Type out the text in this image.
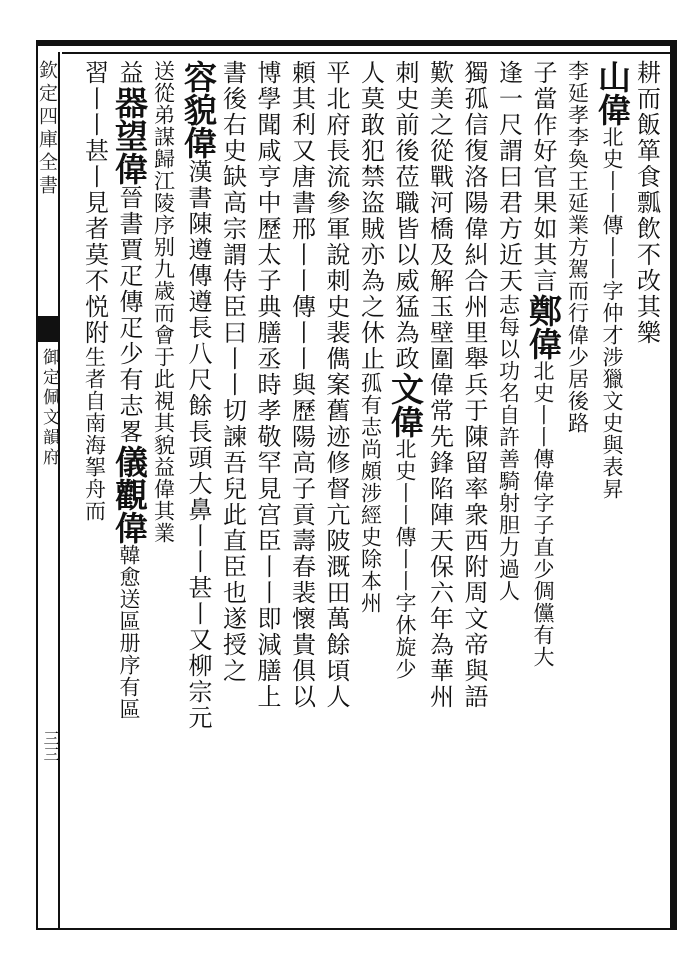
欽定四庫全書
御定佩文韻府
三三
耕而飯箪食瓢飲不改其樂
山偉北史丨丨傳丨丨字仲才涉獵文史與表昇
李延孝李奐王延業方駕而行偉少居後路
子當作好官果如其言鄭偉北史丨丨傳偉字子直少倜儻有大
逢一尺謂曰君方近天志每以功名自許善騎射胆力過人
獨孤信復洛陽偉糾合州里舉兵于陳留率衆西附周文帝與語
歎美之從戰河橋及解玉壁圍偉常先鋒陷陣天保六年為華州
刺史前後莅職皆以威猛為政文偉北史丨丨傳丨丨字休旋少
人莫敢犯禁盗賊亦為之休止孤有志尚頗涉經史除本州
平北府長流參軍說刺史裴儁案舊迹修督亢陂溉田萬餘頃人
頼其利又唐書邢丨丨傳丨丨與歷陽高子貢壽春裴懷貴俱以
博學聞咸亨中歷太子典膳丞時孝敬罕見宫臣丨丨即減膳上
書後右史缺高宗謂侍臣曰丨丨切諫吾兒此直臣也遂授之
容貌偉漢書陳遵傳遵長八尺餘長頭大鼻丨丨甚丨又柳宗元
送從弟謀歸江陵序别九歳而會于此視其貌益偉其業
益器望偉晉書賈疋傳疋少有志畧儀觀偉韓愈送區册序有區
習丨丨甚丨見者莫不悦附生者自南海挐舟而
